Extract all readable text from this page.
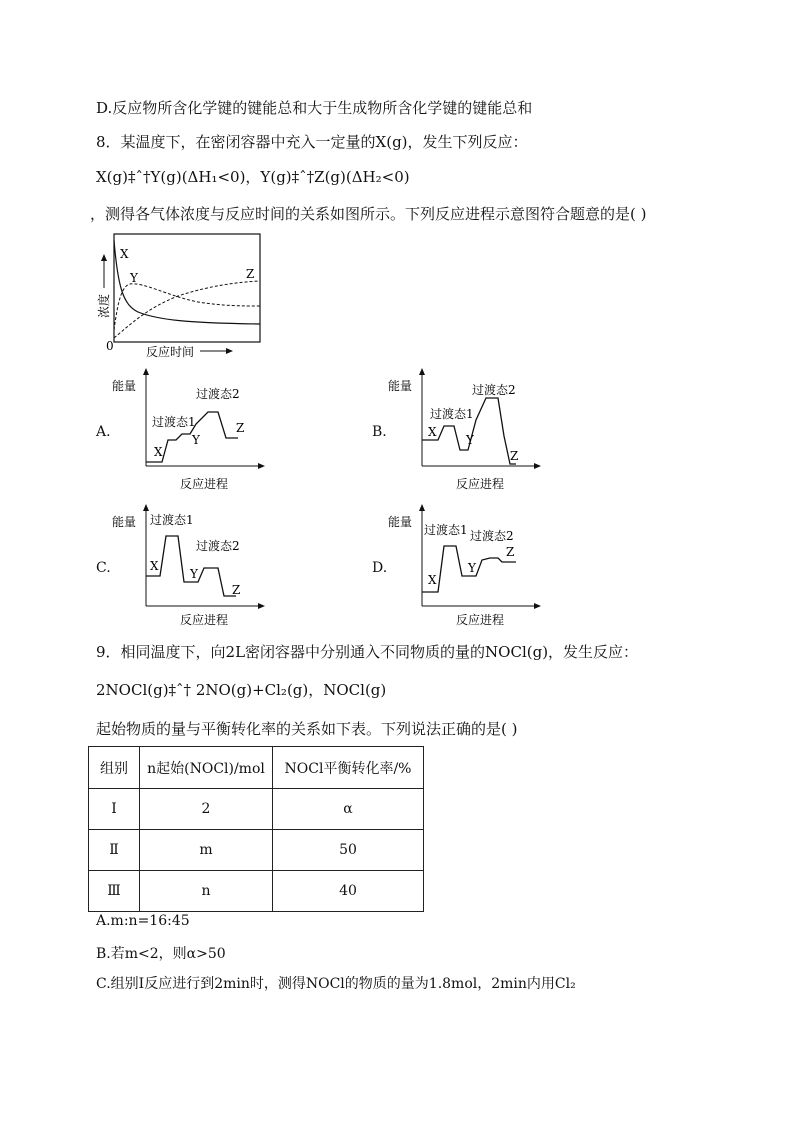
D.反应物所含化学键的键能总和大于生成物所含化学键的键能总和
8．某温度下，在密闭容器中充入一定量的X(g)，发生下列反应：
X(g)‡ˆ†Y(g)(ΔH₁<0)，Y(g)‡ˆ†Z(g)(ΔH₂<0)
，测得各气体浓度与反应时间的关系如图所示。下列反应进程示意图符合题意的是( )
浓度
0	反应时间
X
Y	Z
A.
能量
过渡态1
过渡态2
X
Y
Z
反应进程
B.
能量
过渡态1
过渡态2
X
Y
Z
反应进程
C.
能量 过渡态1
过渡态2
X
Y
Z
反应进程
D.
能量
过渡态1 过渡态2
X
Y
Z
反应进程
9．相同温度下，向2L密闭容器中分别通入不同物质的量的NOCl(g)，发生反应：
2NOCl(g)‡ˆ† 2NO(g)+Cl₂(g)，NOCl(g)
起始物质的量与平衡转化率的关系如下表。下列说法正确的是( )
组别	n起始(NOCl)/mol	NOCl平衡转化率/%
Ⅰ	2	α
Ⅱ	m	50
Ⅲ	n	40
A.m:n=16:45
B.若m<2，则α>50
C.组别Ⅰ反应进行到2min时，测得NOCl的物质的量为1.8mol，2min内用Cl₂
